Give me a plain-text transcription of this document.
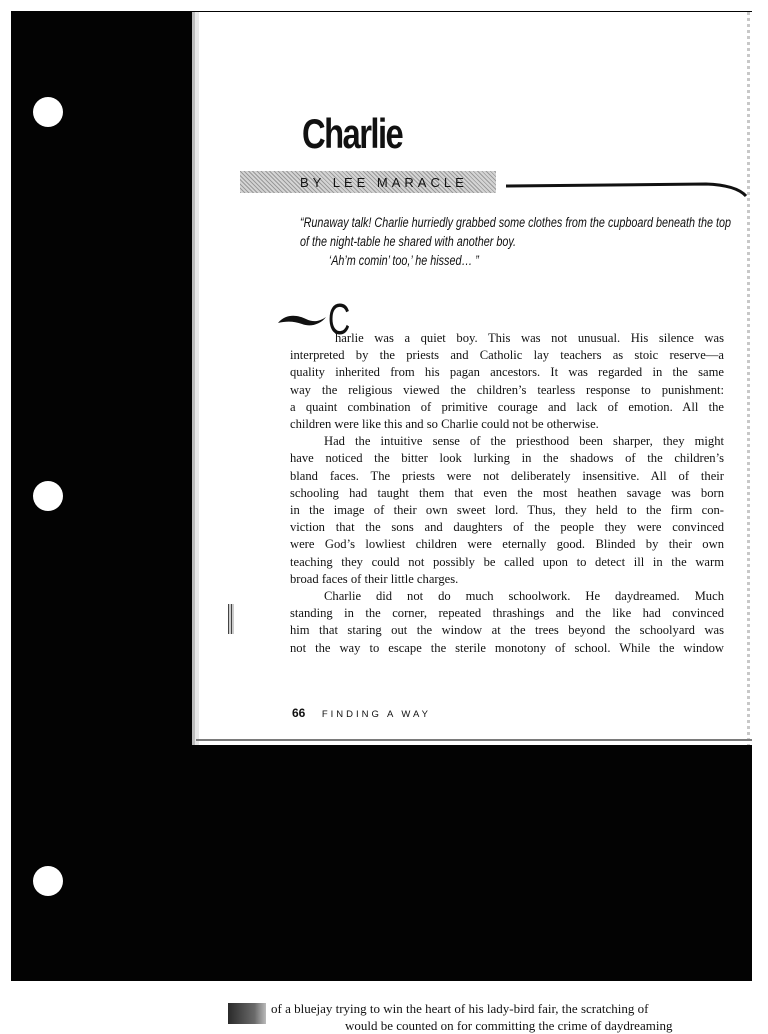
Charlie
BY LEE MARACLE
“Runaway talk! Charlie hurriedly grabbed some clothes from the cupboard beneath the top
of the night-table he shared with another boy.
‘Ah’m comin’ too,’ he hissed… ”
C
harlie was a quiet boy. This was not unusual. His silence was
interpreted by the priests and Catholic lay teachers as stoic reserve—a
quality inherited from his pagan ancestors. It was regarded in the same
way the religious viewed the children’s tearless response to punishment:
a quaint combination of primitive courage and lack of emotion. All the
children were like this and so Charlie could not be otherwise.
Had the intuitive sense of the priesthood been sharper, they might
have noticed the bitter look lurking in the shadows of the children’s
bland faces. The priests were not deliberately insensitive. All of their
schooling had taught them that even the most heathen savage was born
in the image of their own sweet lord. Thus, they held to the firm con-
viction that the sons and daughters of the people they were convinced
were God’s lowliest children were eternally good. Blinded by their own
teaching they could not possibly be called upon to detect ill in the warm
broad faces of their little charges.
Charlie did not do much schoolwork. He daydreamed. Much
standing in the corner, repeated thrashings and the like had convinced
him that staring out the window at the trees beyond the schoolyard was
not the way to escape the sterile monotony of school. While the window
66 FINDING A WAY
of a bluejay trying to win the heart of his lady-bird fair, the scratching of
would be counted on for committing the crime of daydreaming
